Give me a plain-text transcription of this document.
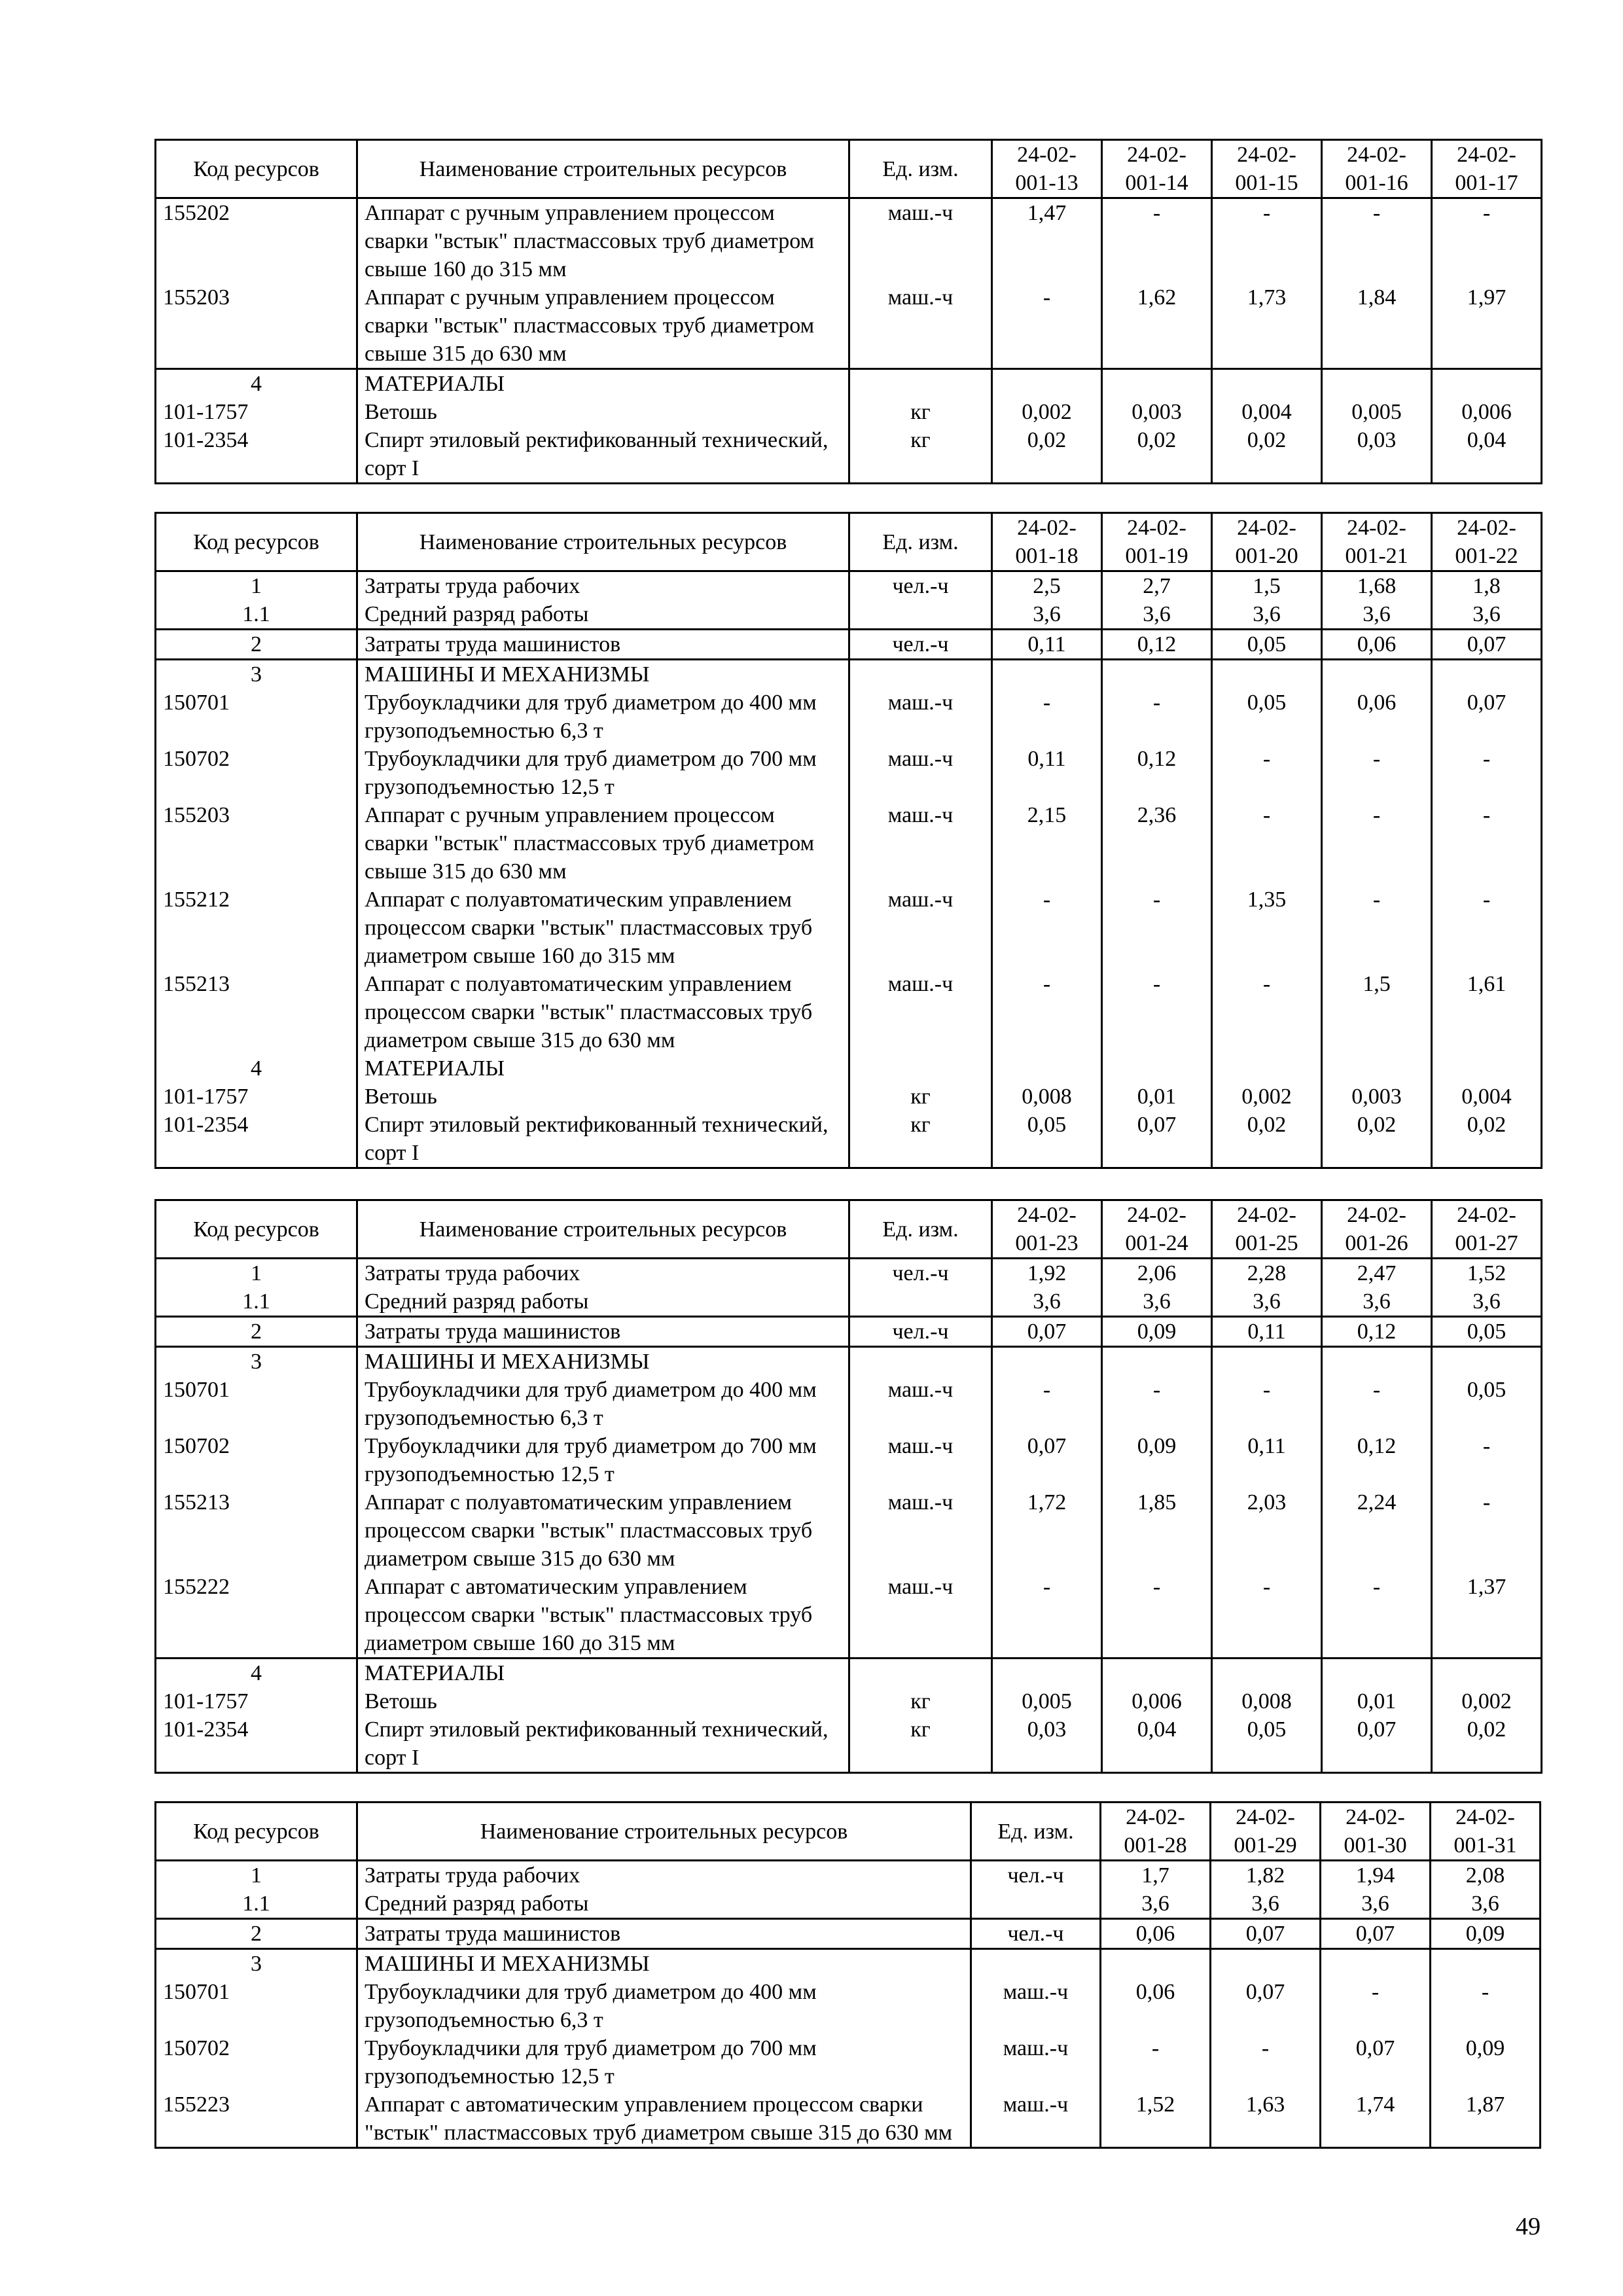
Код ресурсов	Наименование строительных ресурсов	Ед. изм.	24-02-001-13	24-02-001-14	24-02-001-15	24-02-001-16	24-02-001-17
155202	Аппарат с ручным управлением процессом сварки "встык" пластмассовых труб диаметром свыше 160 до 315 мм	маш.-ч	1,47	-	-	-	-
155203	Аппарат с ручным управлением процессом сварки "встык" пластмассовых труб диаметром свыше 315 до 630 мм	маш.-ч	-	1,62	1,73	1,84	1,97
4	МАТЕРИАЛЫ						
101-1757	Ветошь	кг	0,002	0,003	0,004	0,005	0,006
101-2354	Спирт этиловый ректификованный технический, сорт I	кг	0,02	0,02	0,02	0,03	0,04
Код ресурсов	Наименование строительных ресурсов	Ед. изм.	24-02-001-18	24-02-001-19	24-02-001-20	24-02-001-21	24-02-001-22
1	Затраты труда рабочих	чел.-ч	2,5	2,7	1,5	1,68	1,8
1.1	Средний разряд работы		3,6	3,6	3,6	3,6	3,6
2	Затраты труда машинистов	чел.-ч	0,11	0,12	0,05	0,06	0,07
3	МАШИНЫ И МЕХАНИЗМЫ						
150701	Трубоукладчики для труб диаметром до 400 мм грузоподъемностью 6,3 т	маш.-ч	-	-	0,05	0,06	0,07
150702	Трубоукладчики для труб диаметром до 700 мм грузоподъемностью 12,5 т	маш.-ч	0,11	0,12	-	-	-
155203	Аппарат с ручным управлением процессом сварки "встык" пластмассовых труб диаметром свыше 315 до 630 мм	маш.-ч	2,15	2,36	-	-	-
155212	Аппарат с полуавтоматическим управлением процессом сварки "встык" пластмассовых труб диаметром свыше 160 до 315 мм	маш.-ч	-	-	1,35	-	-
155213	Аппарат с полуавтоматическим управлением процессом сварки "встык" пластмассовых труб диаметром свыше 315 до 630 мм	маш.-ч	-	-	-	1,5	1,61
4	МАТЕРИАЛЫ						
101-1757	Ветошь	кг	0,008	0,01	0,002	0,003	0,004
101-2354	Спирт этиловый ректификованный технический, сорт I	кг	0,05	0,07	0,02	0,02	0,02
Код ресурсов	Наименование строительных ресурсов	Ед. изм.	24-02-001-23	24-02-001-24	24-02-001-25	24-02-001-26	24-02-001-27
1	Затраты труда рабочих	чел.-ч	1,92	2,06	2,28	2,47	1,52
1.1	Средний разряд работы		3,6	3,6	3,6	3,6	3,6
2	Затраты труда машинистов	чел.-ч	0,07	0,09	0,11	0,12	0,05
3	МАШИНЫ И МЕХАНИЗМЫ						
150701	Трубоукладчики для труб диаметром до 400 мм грузоподъемностью 6,3 т	маш.-ч	-	-	-	-	0,05
150702	Трубоукладчики для труб диаметром до 700 мм грузоподъемностью 12,5 т	маш.-ч	0,07	0,09	0,11	0,12	-
155213	Аппарат с полуавтоматическим управлением процессом сварки "встык" пластмассовых труб диаметром свыше 315 до 630 мм	маш.-ч	1,72	1,85	2,03	2,24	-
155222	Аппарат с автоматическим управлением процессом сварки "встык" пластмассовых труб диаметром свыше 160 до 315 мм	маш.-ч	-	-	-	-	1,37
4	МАТЕРИАЛЫ						
101-1757	Ветошь	кг	0,005	0,006	0,008	0,01	0,002
101-2354	Спирт этиловый ректификованный технический, сорт I	кг	0,03	0,04	0,05	0,07	0,02
Код ресурсов	Наименование строительных ресурсов	Ед. изм.	24-02-001-28	24-02-001-29	24-02-001-30	24-02-001-31
1	Затраты труда рабочих	чел.-ч	1,7	1,82	1,94	2,08
1.1	Средний разряд работы		3,6	3,6	3,6	3,6
2	Затраты труда машинистов	чел.-ч	0,06	0,07	0,07	0,09
3	МАШИНЫ И МЕХАНИЗМЫ					
150701	Трубоукладчики для труб диаметром до 400 мм грузоподъемностью 6,3 т	маш.-ч	0,06	0,07	-	-
150702	Трубоукладчики для труб диаметром до 700 мм грузоподъемностью 12,5 т	маш.-ч	-	-	0,07	0,09
155223	Аппарат с автоматическим управлением процессом сварки "встык" пластмассовых труб диаметром свыше 315 до 630 мм	маш.-ч	1,52	1,63	1,74	1,87
49
